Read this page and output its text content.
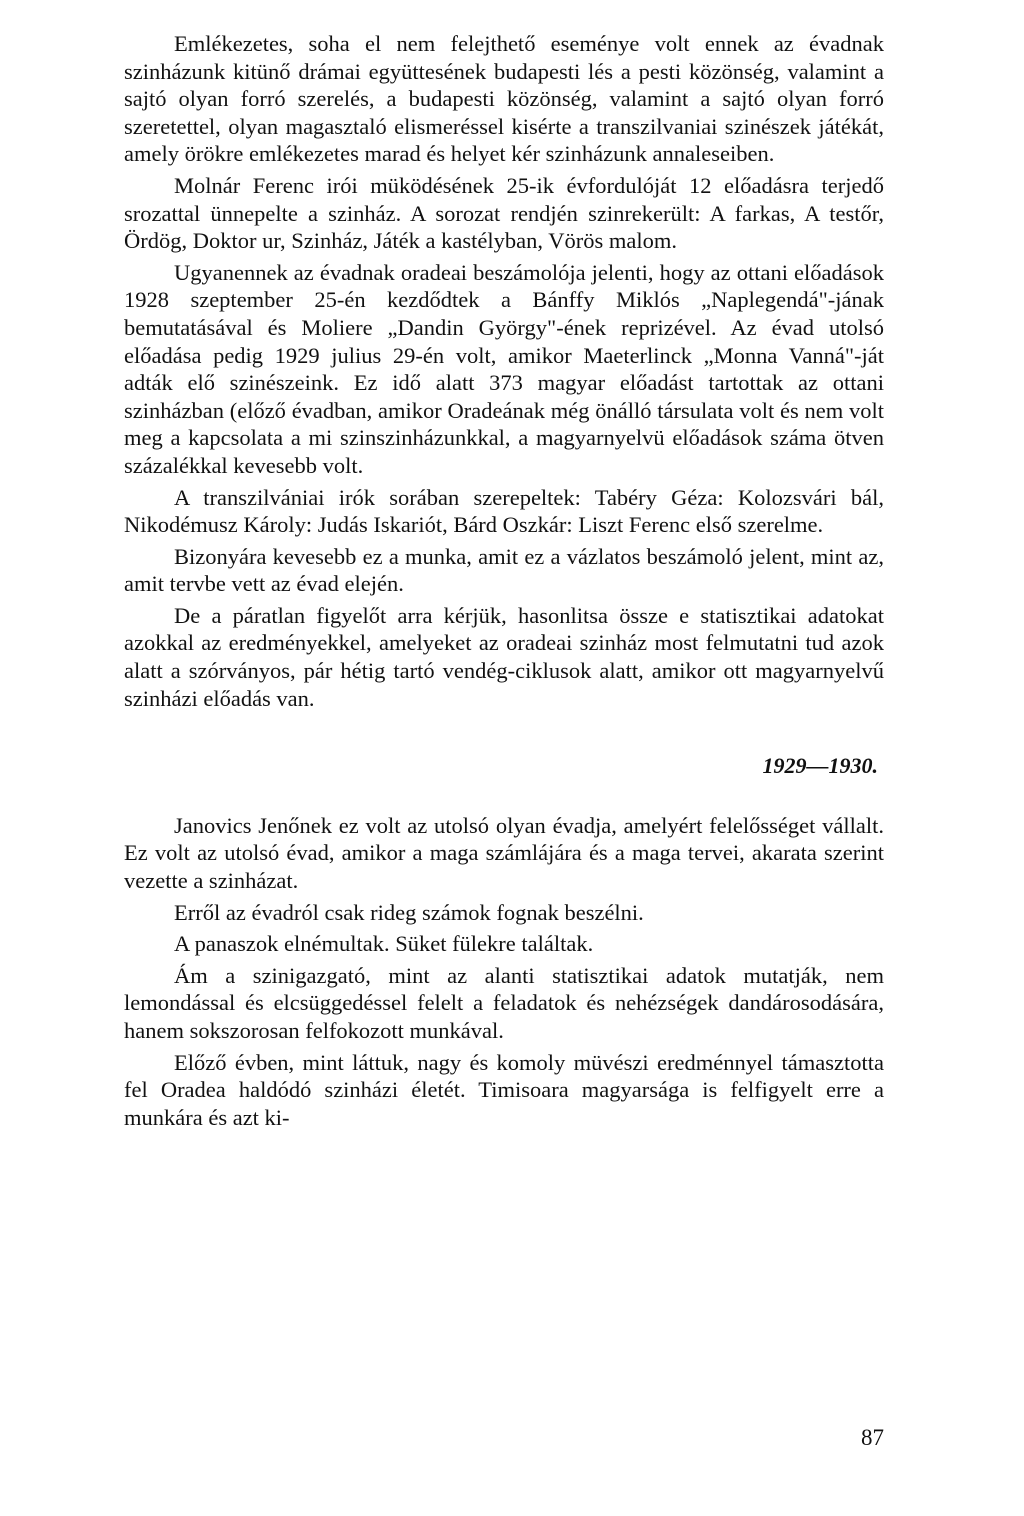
Emlékezetes, soha el nem felejthető eseménye volt ennek az évadnak szinházunk kitünő drámai együttesének budapesti lés a pesti közönség, valamint a sajtó olyan forró szerelés, a budapesti közönség, valamint a sajtó olyan forró szeretettel, olyan magasztaló elismeréssel kisérte a transzilvaniai szinészek játékát, amely örökre emlékezetes marad és helyet kér szinházunk annaleseiben.

Molnár Ferenc irói müködésének 25-ik évfordulóját 12 előadásra terjedő srozattal ünnepelte a szinház. A sorozat rendjén szinrekerült: A farkas, A testőr, Ördög, Doktor ur, Szinház, Játék a kastélyban, Vörös malom.

Ugyanennek az évadnak oradeai beszámolója jelenti, hogy az ottani előadások 1928 szeptember 25-én kezdődtek a Bánffy Miklós „Naplegendá"-jának bemutatásával és Moliere „Dandin György"-ének reprizével. Az évad utolsó előadása pedig 1929 julius 29-én volt, amikor Maeterlinck „Monna Vanná"-ját adták elő szinészeink. Ez idő alatt 373 magyar előadást tartottak az ottani szinházban (előző évadban, amikor Oradeának még önálló társulata volt és nem volt meg a kapcsolata a mi szinszinházunkkal, a magyarnyelvü előadások száma ötven százalékkal kevesebb volt.

A transzilvániai irók sorában szerepeltek: Tabéry Géza: Kolozsvári bál, Nikodémusz Károly: Judás Iskariót, Bárd Oszkár: Liszt Ferenc első szerelme.

Bizonyára kevesebb ez a munka, amit ez a vázlatos beszámoló jelent, mint az, amit tervbe vett az évad elején.

De a páratlan figyelőt arra kérjük, hasonlitsa össze e statisztikai adatokat azokkal az eredményekkel, amelyeket az oradeai szinház most felmutatni tud azok alatt a szórványos, pár hétig tartó vendég-ciklusok alatt, amikor ott magyarnyelvű szinházi előadás van.

1929—1930.

Janovics Jenőnek ez volt az utolsó olyan évadja, amelyért felelősséget vállalt. Ez volt az utolsó évad, amikor a maga számlájára és a maga tervei, akarata szerint vezette a szinházat.

Erről az évadról csak rideg számok fognak beszélni.

A panaszok elnémultak. Süket fülekre találtak.

Ám a szinigazgató, mint az alanti statisztikai adatok mutatják, nem lemondással és elcsüggedéssel felelt a feladatok és nehézségek dandárosodására, hanem sokszorosan felfokozott munkával.

Előző évben, mint láttuk, nagy és komoly müvészi eredménnyel támasztotta fel Oradea haldódó szinházi életét. Timisoara magyarsága is felfigyelt erre a munkára és azt ki-

87
